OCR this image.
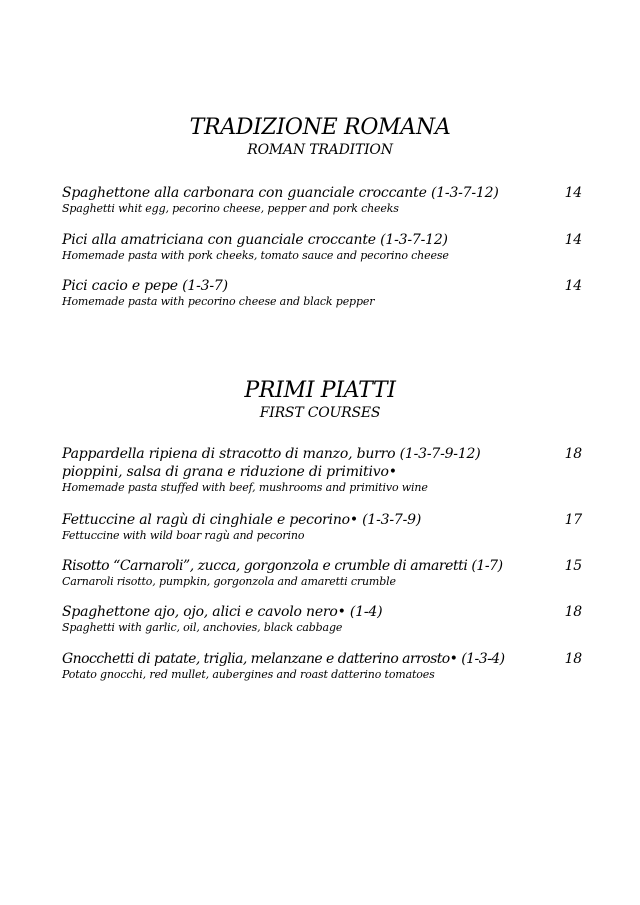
TRADIZIONE ROMANA
ROMAN TRADITION
Spaghettone alla carbonara con guanciale croccante (1-3-7-12)	14
Spaghetti whit egg, pecorino cheese, pepper and pork cheeks
Pici alla amatriciana con guanciale croccante (1-3-7-12)	14
Homemade pasta with pork cheeks, tomato sauce and pecorino cheese
Pici cacio e pepe (1-3-7)	14
Homemade pasta with pecorino cheese and black pepper
PRIMI PIATTI
FIRST COURSES
Pappardella ripiena di stracotto di manzo, burro (1-3-7-9-12)	18
pioppini, salsa di grana e riduzione di primitivo•
Homemade pasta stuffed with beef, mushrooms and primitivo wine
Fettuccine al ragù di cinghiale e pecorino• (1-3-7-9)	17
Fettuccine with wild boar ragù and pecorino
Risotto “Carnaroli”, zucca, gorgonzola e crumble di amaretti (1-7)	15
Carnaroli risotto, pumpkin, gorgonzola and amaretti crumble
Spaghettone ajo, ojo, alici e cavolo nero• (1-4)	18
Spaghetti with garlic, oil, anchovies, black cabbage
Gnocchetti di patate, triglia, melanzane e datterino arrosto• (1-3-4)	18
Potato gnocchi, red mullet, aubergines and roast datterino tomatoes
